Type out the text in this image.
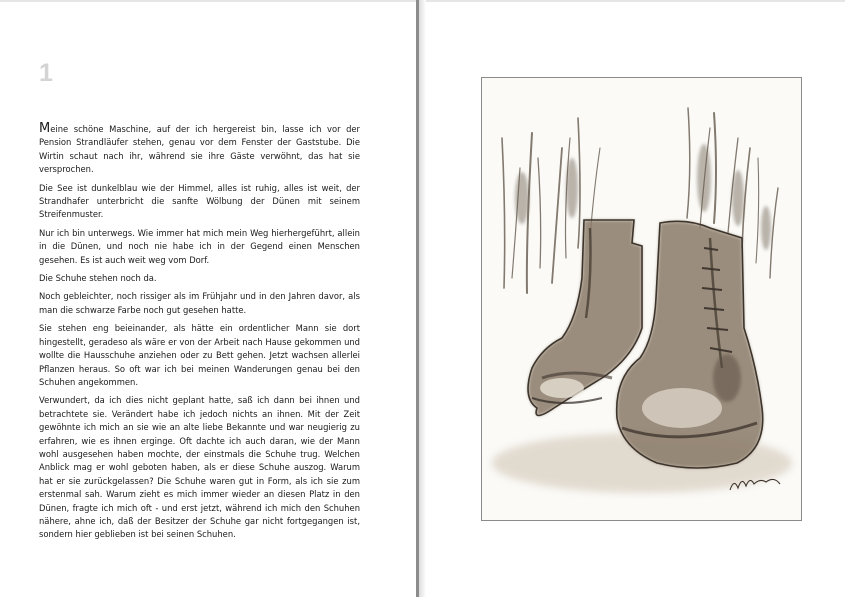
1

Meine schöne Maschine, auf der ich hergereist bin, lasse ich vor der Pension Strandläufer stehen, genau vor dem Fenster der Gaststube. Die Wirtin schaut nach ihr, während sie ihre Gäste verwöhnt, das hat sie versprochen.

Die See ist dunkelblau wie der Himmel, alles ist ruhig, alles ist weit, der Strandhafer unterbricht die sanfte Wölbung der Dünen mit seinem Streifenmuster.

Nur ich bin unterwegs. Wie immer hat mich mein Weg hierhergeführt, allein in die Dünen, und noch nie habe ich in der Gegend einen Menschen gesehen. Es ist auch weit weg vom Dorf.

Die Schuhe stehen noch da.

Noch gebleichter, noch rissiger als im Frühjahr und in den Jahren davor, als man die schwarze Farbe noch gut gesehen hatte.

Sie stehen eng beieinander, als hätte ein ordentlicher Mann sie dort hingestellt, geradeso als wäre er von der Arbeit nach Hause gekommen und wollte die Hausschuhe anziehen oder zu Bett gehen. Jetzt wachsen allerlei Pflanzen heraus. So oft war ich bei meinen Wanderungen genau bei den Schuhen angekommen.

Verwundert, da ich dies nicht geplant hatte, saß ich dann bei ihnen und betrachtete sie. Verändert habe ich jedoch nichts an ihnen. Mit der Zeit gewöhnte ich mich an sie wie an alte liebe Bekannte und war neugierig zu erfahren, wie es ihnen erginge. Oft dachte ich auch daran, wie der Mann wohl ausgesehen haben mochte, der einstmals die Schuhe trug. Welchen Anblick mag er wohl geboten haben, als er diese Schuhe auszog. Warum hat er sie zurückgelassen? Die Schuhe waren gut in Form, als ich sie zum erstenmal sah. Warum zieht es mich immer wieder an diesen Platz in den Dünen, fragte ich mich oft - und erst jetzt, während ich mich den Schuhen nähere, ahne ich, daß der Besitzer der Schuhe gar nicht fortgegangen ist, sondern hier geblieben ist bei seinen Schuhen.
